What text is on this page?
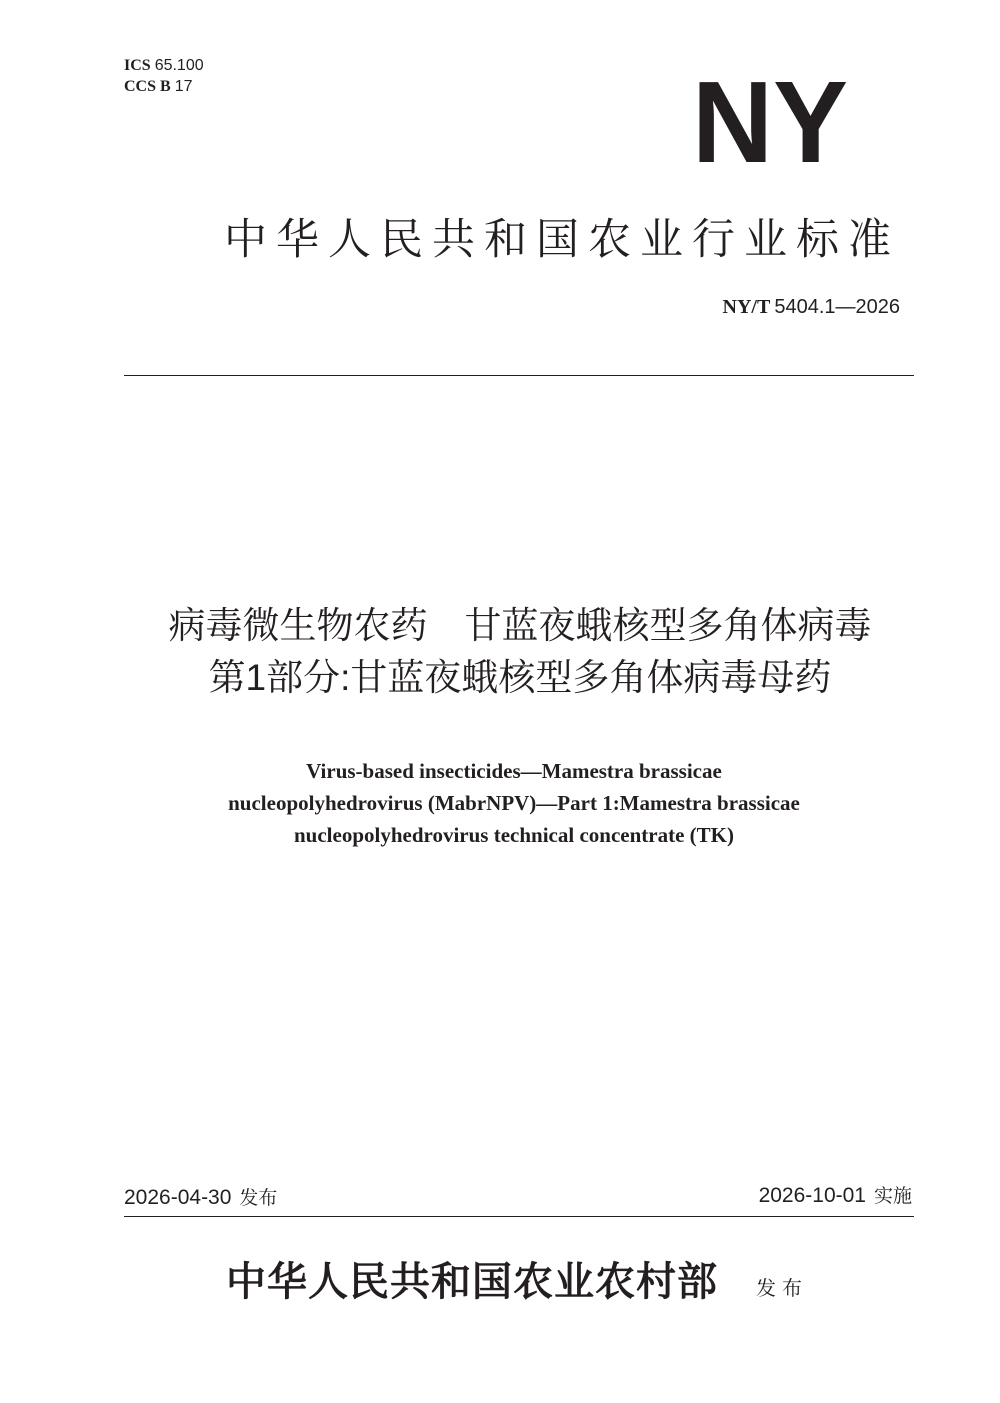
ICS 65.100
CCS B 17	NY
中华人民共和国农业行业标准
NY/T 5404.1—2026
病毒微生物农药　甘蓝夜蛾核型多角体病毒
第1部分:甘蓝夜蛾核型多角体病毒母药
Virus-based insecticides—Mamestra brassicae
nucleopolyhedrovirus (MabrNPV)—Part 1:Mamestra brassicae
nucleopolyhedrovirus technical concentrate (TK)
2026-04-30 发布	2026-10-01 实施
中华人民共和国农业农村部 发布
